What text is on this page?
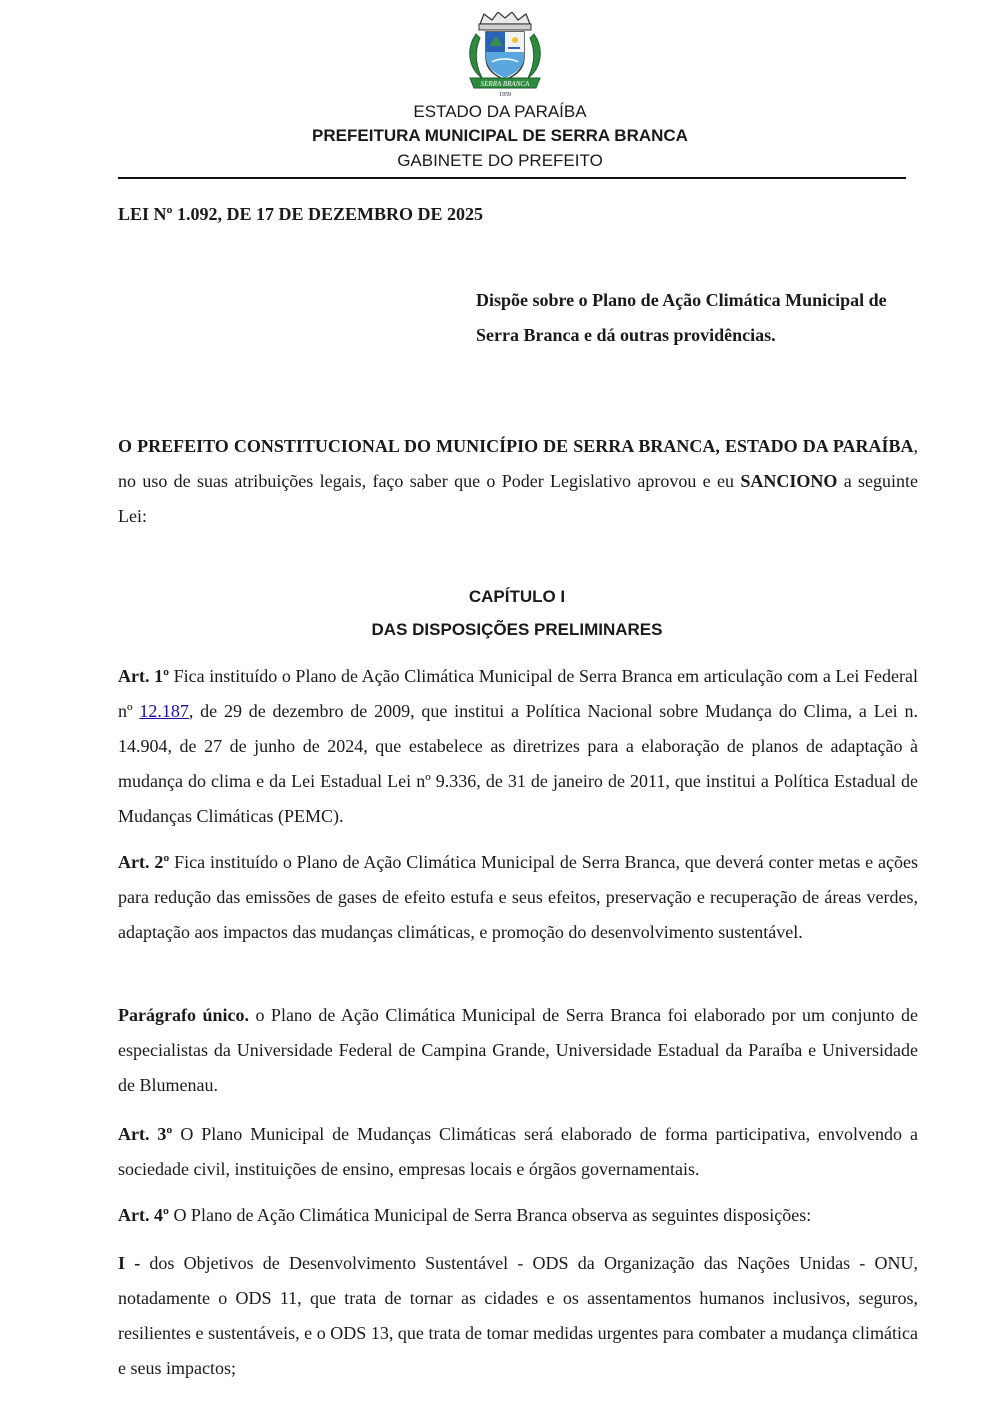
SERRA BRANCA
1959
ESTADO DA PARAÍBA
PREFEITURA MUNICIPAL DE SERRA BRANCA
GABINETE DO PREFEITO
LEI Nº 1.092, DE 17 DE DEZEMBRO DE 2025
Dispõe sobre o Plano de Ação Climática Municipal de Serra Branca e dá outras providências.
O PREFEITO CONSTITUCIONAL DO MUNICÍPIO DE SERRA BRANCA, ESTADO DA PARAÍBA, no uso de suas atribuições legais, faço saber que o Poder Legislativo aprovou e eu SANCIONO a seguinte Lei:
CAPÍTULO I
DAS DISPOSIÇÕES PRELIMINARES
Art. 1º Fica instituído o Plano de Ação Climática Municipal de Serra Branca em articulação com a Lei Federal nº 12.187, de 29 de dezembro de 2009, que institui a Política Nacional sobre Mudança do Clima, a Lei n. 14.904, de 27 de junho de 2024, que estabelece as diretrizes para a elaboração de planos de adaptação à mudança do clima e da Lei Estadual Lei nº 9.336, de 31 de janeiro de 2011, que institui a Política Estadual de Mudanças Climáticas (PEMC).
Art. 2º Fica instituído o Plano de Ação Climática Municipal de Serra Branca, que deverá conter metas e ações para redução das emissões de gases de efeito estufa e seus efeitos, preservação e recuperação de áreas verdes, adaptação aos impactos das mudanças climáticas, e promoção do desenvolvimento sustentável.
Parágrafo único. o Plano de Ação Climática Municipal de Serra Branca foi elaborado por um conjunto de especialistas da Universidade Federal de Campina Grande, Universidade Estadual da Paraíba e Universidade de Blumenau.
Art. 3º O Plano Municipal de Mudanças Climáticas será elaborado de forma participativa, envolvendo a sociedade civil, instituições de ensino, empresas locais e órgãos governamentais.
Art. 4º O Plano de Ação Climática Municipal de Serra Branca observa as seguintes disposições:
I - dos Objetivos de Desenvolvimento Sustentável - ODS da Organização das Nações Unidas - ONU, notadamente o ODS 11, que trata de tornar as cidades e os assentamentos humanos inclusivos, seguros, resilientes e sustentáveis, e o ODS 13, que trata de tomar medidas urgentes para combater a mudança climática e seus impactos;
